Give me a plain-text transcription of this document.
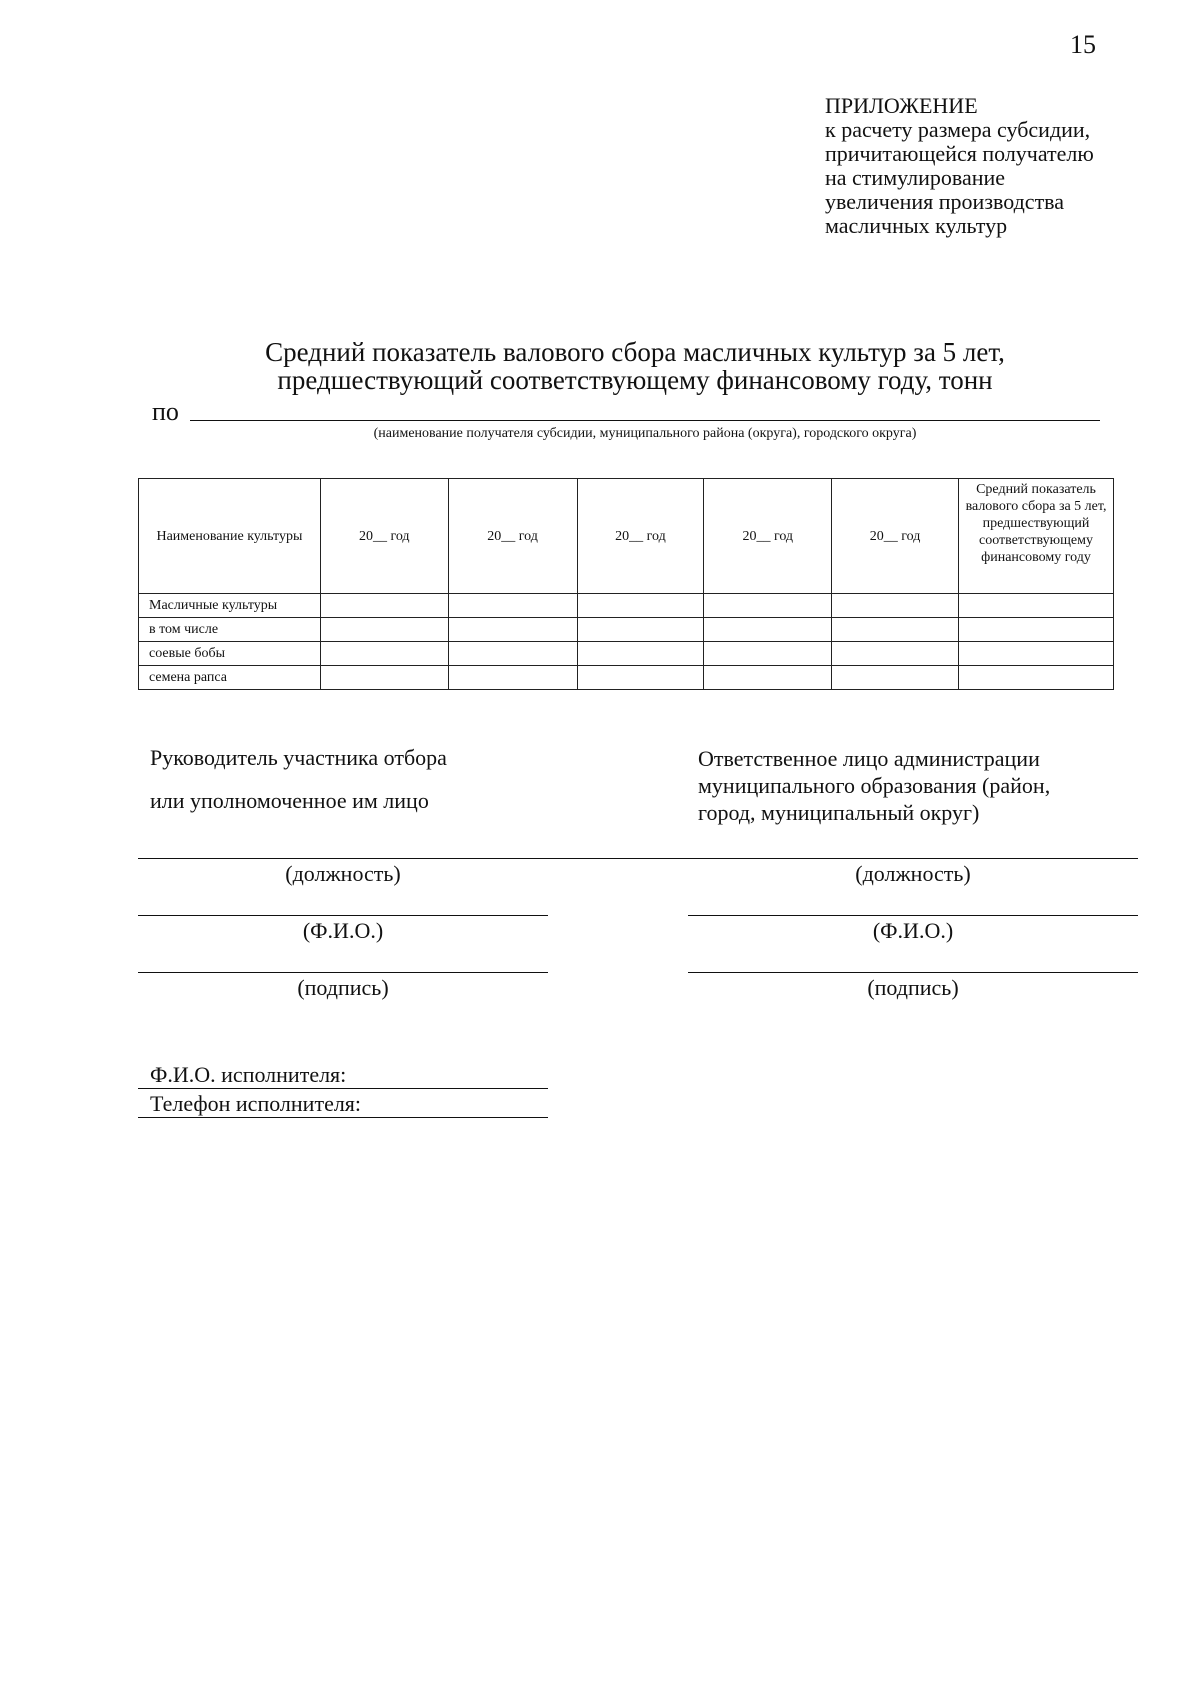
15
ПРИЛОЖЕНИЕ
к расчету размера субсидии,
причитающейся получателю
на стимулирование
увеличения производства
масличных культур
Средний показатель валового сбора масличных культур за 5 лет,
предшествующий соответствующему финансовому году, тонн
по
(наименование получателя субсидии, муниципального района (округа), городского округа)
Наименование культуры	20__ год	20__ год	20__ год	20__ год	20__ год	Средний показатель валового сбора за 5 лет, предшествующий соответствующему финансовому году
Масличные культуры						
в том числе						
соевые бобы						
семена рапса						
Руководитель участника отбора
или уполномоченное им лицо
Ответственное лицо администрации
муниципального образования (район,
город, муниципальный округ)
(должность)	(должность)
(Ф.И.О.)	(Ф.И.О.)
(подпись)	(подпись)
Ф.И.О. исполнителя:
Телефон исполнителя:
